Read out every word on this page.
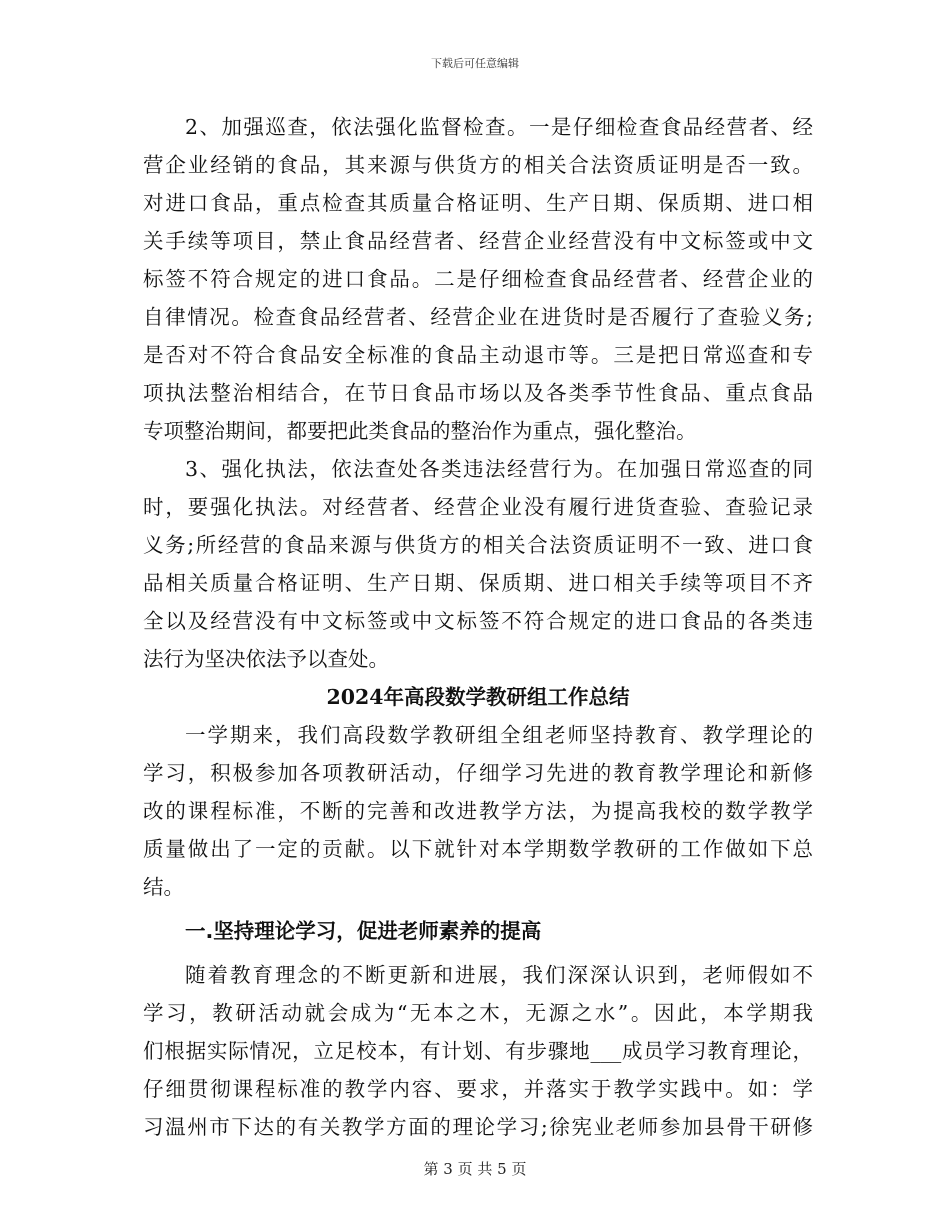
下载后可任意编辑
2、加强巡查，依法强化监督检查。一是仔细检查食品经营者、经
营企业经销的食品，其来源与供货方的相关合法资质证明是否一致。
对进口食品，重点检查其质量合格证明、生产日期、保质期、进口相
关手续等项目，禁止食品经营者、经营企业经营没有中文标签或中文
标签不符合规定的进口食品。二是仔细检查食品经营者、经营企业的
自律情况。检查食品经营者、经营企业在进货时是否履行了查验义务;
是否对不符合食品安全标准的食品主动退市等。三是把日常巡查和专
项执法整治相结合，在节日食品市场以及各类季节性食品、重点食品
专项整治期间，都要把此类食品的整治作为重点，强化整治。
3、强化执法，依法查处各类违法经营行为。在加强日常巡查的同
时，要强化执法。对经营者、经营企业没有履行进货查验、查验记录
义务;所经营的食品来源与供货方的相关合法资质证明不一致、进口食
品相关质量合格证明、生产日期、保质期、进口相关手续等项目不齐
全以及经营没有中文标签或中文标签不符合规定的进口食品的各类违
法行为坚决依法予以查处。
2024年高段数学教研组工作总结
一学期来，我们高段数学教研组全组老师坚持教育、教学理论的
学习，积极参加各项教研活动，仔细学习先进的教育教学理论和新修
改的课程标准，不断的完善和改进教学方法，为提高我校的数学教学
质量做出了一定的贡献。以下就针对本学期数学教研的工作做如下总
结。
一.坚持理论学习，促进老师素养的提高
随着教育理念的不断更新和进展，我们深深认识到，老师假如不
学习，教研活动就会成为“无本之木，无源之水”。因此，本学期我
们根据实际情况，立足校本，有计划、有步骤地___成员学习教育理论，
仔细贯彻课程标准的教学内容、要求，并落实于教学实践中。如：学
习温州市下达的有关教学方面的理论学习;徐宪业老师参加县骨干研修
第 3 页 共 5 页
